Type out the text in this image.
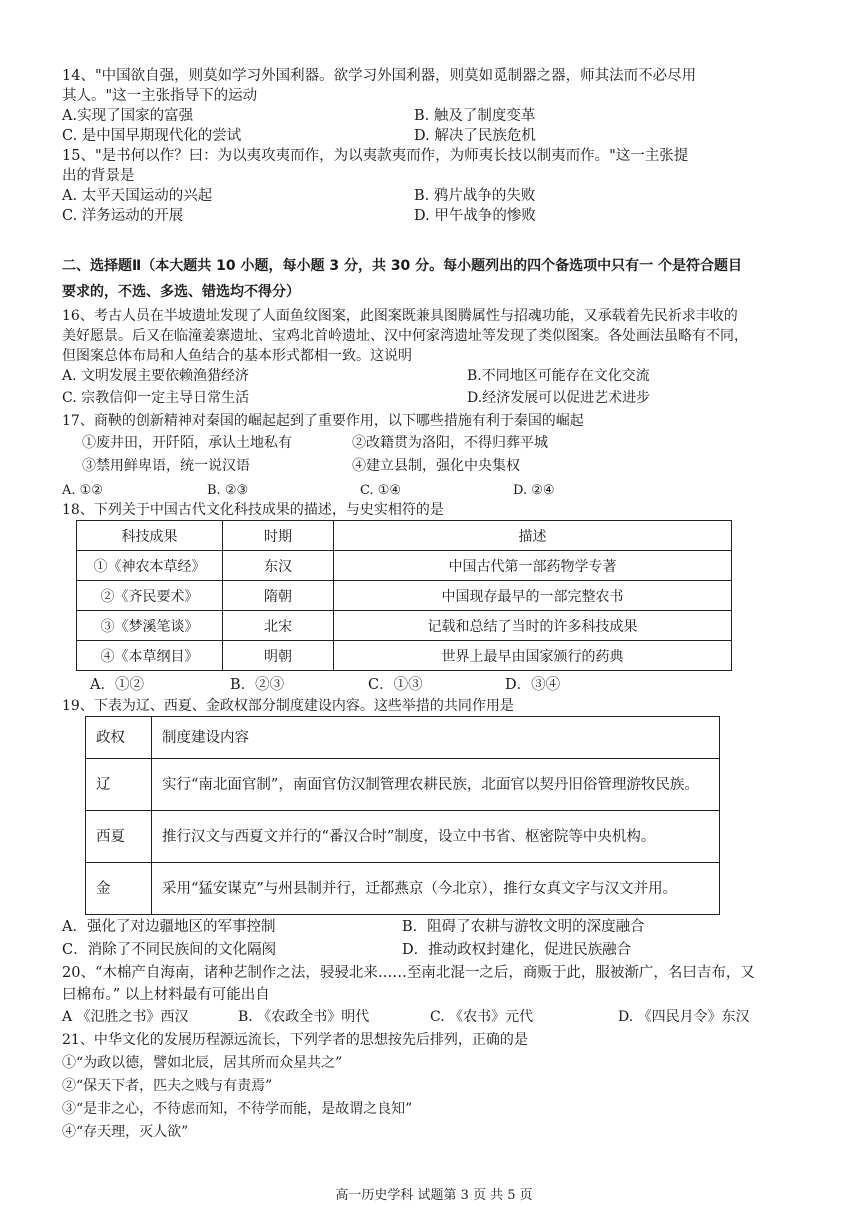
14、"中国欲自强，则莫如学习外国利器。欲学习外国利器，则莫如觅制器之器，师其法而不必尽用
其人。"这一主张指导下的运动
A.实现了国家的富强	B. 触及了制度变革
C. 是中国早期现代化的尝试	D. 解决了民族危机
15、"是书何以作？曰：为以夷攻夷而作，为以夷款夷而作，为师夷长技以制夷而作。"这一主张提
出的背景是
A. 太平天国运动的兴起	B. 鸦片战争的失败
C. 洋务运动的开展	D. 甲午战争的惨败
二、选择题Ⅱ（本大题共 10 小题，每小题 3 分，共 30 分。每小题列出的四个备选项中只有一 个是符合题目
要求的，不选、多选、错选均不得分）
16、考古人员在半坡遗址发现了人面鱼纹图案，此图案既兼具图腾属性与招魂功能，又承载着先民祈求丰收的
美好愿景。后又在临潼姜寨遗址、宝鸡北首岭遗址、汉中何家湾遗址等发现了类似图案。各处画法虽略有不同，
但图案总体布局和人鱼结合的基本形式都相一致。这说明
A. 文明发展主要依赖渔猎经济	B.不同地区可能存在文化交流
C. 宗教信仰一定主导日常生活	D.经济发展可以促进艺术进步
17、商鞅的创新精神对秦国的崛起起到了重要作用，以下哪些措施有利于秦国的崛起
①废井田，开阡陌，承认土地私有	②改籍贯为洛阳，不得归葬平城
③禁用鲜卑语，统一说汉语	④建立县制，强化中央集权
A. ①②	B. ②③	C. ①④	D. ②④
18、下列关于中国古代文化科技成果的描述，与史实相符的是
科技成果	时期	描述
①《神农本草经》	东汉	中国古代第一部药物学专著
②《齐民要术》	隋朝	中国现存最早的一部完整农书
③《梦溪笔谈》	北宋	记载和总结了当时的许多科技成果
④《本草纲目》	明朝	世界上最早由国家颁行的药典
A．①②	B．②③	C．①③	D．③④
19、下表为辽、西夏、金政权部分制度建设内容。这些举措的共同作用是
政权	制度建设内容
辽	实行“南北面官制”，南面官仿汉制管理农耕民族，北面官以契丹旧俗管理游牧民族。
西夏	推行汉文与西夏文并行的“番汉合时”制度，设立中书省、枢密院等中央机构。
金	采用“猛安谋克”与州县制并行，迁都燕京（今北京），推行女真文字与汉文并用。
A．强化了对边疆地区的军事控制	B．阻碍了农耕与游牧文明的深度融合
C．消除了不同民族间的文化隔阂	D．推动政权封建化，促进民族融合
20、“木棉产自海南，诸种艺制作之法，骎骎北来……至南北混一之后，商贩于此，服被渐广，名曰吉布，又
曰棉布。” 以上材料最有可能出自
A 《氾胜之书》西汉	B. 《农政全书》明代	C. 《农书》元代	D. 《四民月令》东汉
21、中华文化的发展历程源远流长，下列学者的思想按先后排列，正确的是
①“为政以德，譬如北辰，居其所而众星共之”
②“保天下者，匹夫之贱与有责焉”
③“是非之心，不待虑而知，不待学而能，是故谓之良知”
④“存天理，灭人欲”
高一历史学科 试题第 3 页 共 5 页
